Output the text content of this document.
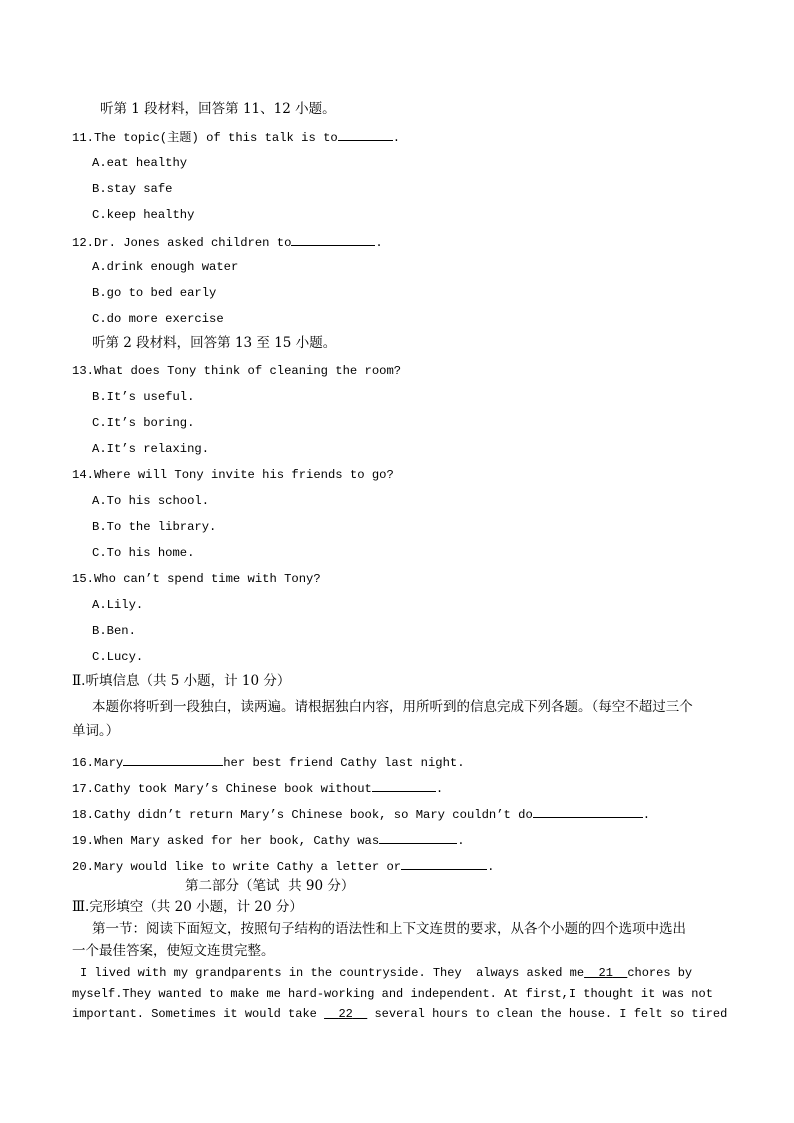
听第 1 段材料，回答第 11、12 小题。
11.The topic(主题) of this talk is to	.
A.eat healthy
B.stay safe
C.keep healthy
12.Dr. Jones asked children to	.
A.drink enough water
B.go to bed early
C.do more exercise
听第 2 段材料，回答第 13 至 15 小题。
13.What does Tony think of cleaning the room?
B.It’s useful.
C.It’s boring.
A.It’s relaxing.
14.Where will Tony invite his friends to go?
A.To his school.
B.To the library.
C.To his home.
15.Who can’t spend time with Tony?
A.Lily.
B.Ben.
C.Lucy.
Ⅱ.听填信息（共 5 小题，计 10 分）
本题你将听到一段独白，读两遍。请根据独白内容，用所听到的信息完成下列各题。（每空不超过三个
单词。）
16.Mary	her best friend Cathy last night.
17.Cathy took Mary’s Chinese book without	.
18.Cathy didn’t return Mary’s Chinese book, so Mary couldn’t do	.
19.When Mary asked for her book, Cathy was	.
20.Mary would like to write Cathy a letter or	.
第二部分（笔试  共 90 分）
Ⅲ.完形填空（共 20 小题，计 20 分）
第一节：阅读下面短文，按照句子结构的语法性和上下文连贯的要求，从各个小题的四个选项中选出
一个最佳答案，使短文连贯完整。
I lived with my grandparents in the countryside. They  always asked me 21 chores by
myself.They wanted to make me hard-working and independent. At first,I thought it was not
important. Sometimes it would take 22 several hours to clean the house. I felt so tired
